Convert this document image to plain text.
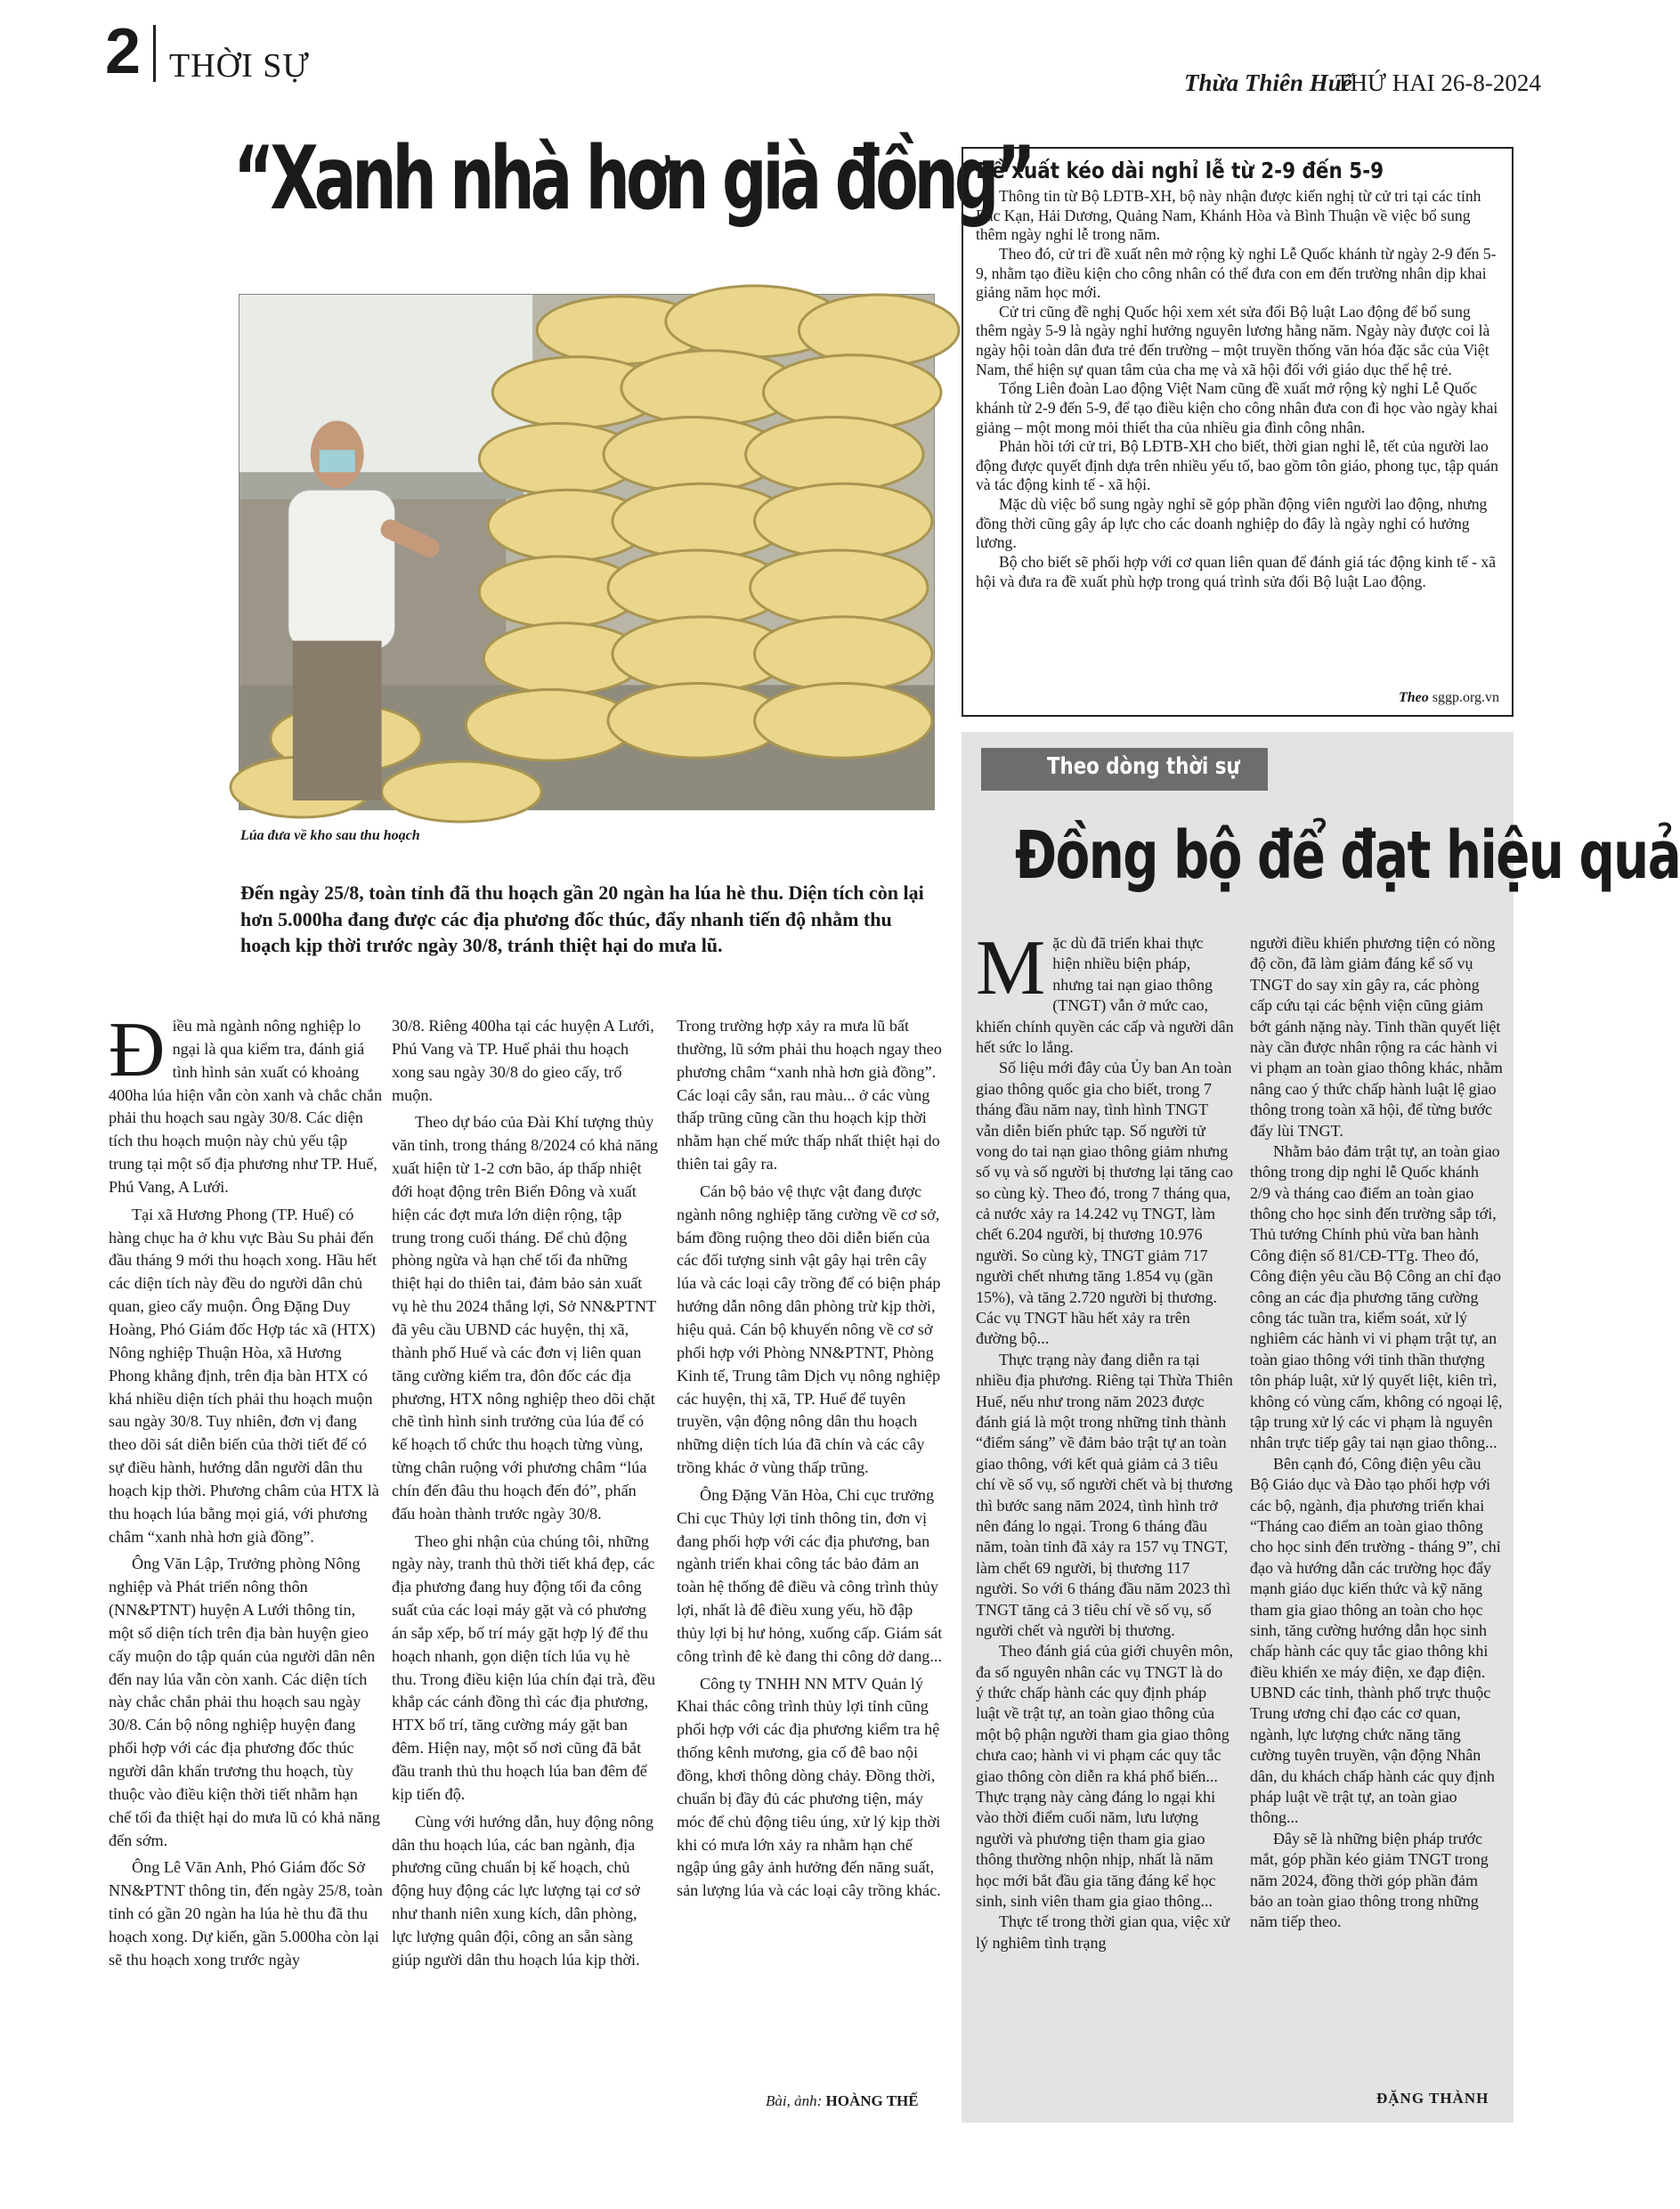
2 THỜI SỰ	Thừa Thiên Huế
THỨ HAI 26-8-2024
“Xanh nhà hơn già đồng”
Lúa đưa về kho sau thu hoạch
Đến ngày 25/8, toàn tỉnh đã thu hoạch gần 20 ngàn ha lúa hè thu. Diện tích còn lại hơn 5.000ha đang được các địa phương đốc thúc, đẩy nhanh tiến độ nhằm thu hoạch kịp thời trước ngày 30/8, tránh thiệt hại do mưa lũ.

Điều mà ngành nông nghiệp lo ngại là qua kiểm tra, đánh giá tình hình sản xuất có khoảng 400ha lúa hiện vẫn còn xanh và chắc chắn phải thu hoạch sau ngày 30/8. Các diện tích thu hoạch muộn này chủ yếu tập trung tại một số địa phương như TP. Huế, Phú Vang, A Lưới.

Tại xã Hương Phong (TP. Huế) có hàng chục ha ở khu vực Bàu Su phải đến đầu tháng 9 mới thu hoạch xong. Hầu hết các diện tích này đều do người dân chủ quan, gieo cấy muộn. Ông Đặng Duy Hoàng, Phó Giám đốc Hợp tác xã (HTX) Nông nghiệp Thuận Hòa, xã Hương Phong khẳng định, trên địa bàn HTX có khá nhiều diện tích phải thu hoạch muộn sau ngày 30/8. Tuy nhiên, đơn vị đang theo dõi sát diễn biến của thời tiết để có sự điều hành, hướng dẫn người dân thu hoạch kịp thời. Phương châm của HTX là thu hoạch lúa bằng mọi giá, với phương châm “xanh nhà hơn già đồng”.

Ông Văn Lập, Trưởng phòng Nông nghiệp và Phát triển nông thôn (NN&PTNT) huyện A Lưới thông tin, một số diện tích trên địa bàn huyện gieo cấy muộn do tập quán của người dân nên đến nay lúa vẫn còn xanh. Các diện tích này chắc chắn phải thu hoạch sau ngày 30/8. Cán bộ nông nghiệp huyện đang phối hợp với các địa phương đốc thúc người dân khẩn trương thu hoạch, tùy thuộc vào điều kiện thời tiết nhằm hạn chế tối đa thiệt hại do mưa lũ có khả năng đến sớm.

Ông Lê Văn Anh, Phó Giám đốc Sở NN&PTNT thông tin, đến ngày 25/8, toàn tỉnh có gần 20 ngàn ha lúa hè thu đã thu hoạch xong. Dự kiến, gần 5.000ha còn lại sẽ thu hoạch xong trước ngày

30/8. Riêng 400ha tại các huyện A Lưới, Phú Vang và TP. Huế phải thu hoạch xong sau ngày 30/8 do gieo cấy, trổ muộn.

Theo dự báo của Đài Khí tượng thủy văn tỉnh, trong tháng 8/2024 có khả năng xuất hiện từ 1-2 cơn bão, áp thấp nhiệt đới hoạt động trên Biển Đông và xuất hiện các đợt mưa lớn diện rộng, tập trung trong cuối tháng. Để chủ động phòng ngừa và hạn chế tối đa những thiệt hại do thiên tai, đảm bảo sản xuất vụ hè thu 2024 thắng lợi, Sở NN&PTNT đã yêu cầu UBND các huyện, thị xã, thành phố Huế và các đơn vị liên quan tăng cường kiểm tra, đôn đốc các địa phương, HTX nông nghiệp theo dõi chặt chẽ tình hình sinh trưởng của lúa để có kế hoạch tổ chức thu hoạch từng vùng, từng chân ruộng với phương châm “lúa chín đến đâu thu hoạch đến đó”, phấn đấu hoàn thành trước ngày 30/8.

Theo ghi nhận của chúng tôi, những ngày này, tranh thủ thời tiết khá đẹp, các địa phương đang huy động tối đa công suất của các loại máy gặt và có phương án sắp xếp, bố trí máy gặt hợp lý để thu hoạch nhanh, gọn diện tích lúa vụ hè thu. Trong điều kiện lúa chín đại trà, đều khắp các cánh đồng thì các địa phương, HTX bố trí, tăng cường máy gặt ban đêm. Hiện nay, một số nơi cũng đã bắt đầu tranh thủ thu hoạch lúa ban đêm để kịp tiến độ.

Cùng với hướng dẫn, huy động nông dân thu hoạch lúa, các ban ngành, địa phương cũng chuẩn bị kế hoạch, chủ động huy động các lực lượng tại cơ sở như thanh niên xung kích, dân phòng, lực lượng quân đội, công an sẵn sàng giúp người dân thu hoạch lúa kịp thời.

Trong trường hợp xảy ra mưa lũ bất thường, lũ sớm phải thu hoạch ngay theo phương châm “xanh nhà hơn già đồng”. Các loại cây sắn, rau màu... ở các vùng thấp trũng cũng cần thu hoạch kịp thời nhằm hạn chế mức thấp nhất thiệt hại do thiên tai gây ra.

Cán bộ bảo vệ thực vật đang được ngành nông nghiệp tăng cường về cơ sở, bám đồng ruộng theo dõi diễn biến của các đối tượng sinh vật gây hại trên cây lúa và các loại cây trồng để có biện pháp hướng dẫn nông dân phòng trừ kịp thời, hiệu quả. Cán bộ khuyến nông về cơ sở phối hợp với Phòng NN&PTNT, Phòng Kinh tế, Trung tâm Dịch vụ nông nghiệp các huyện, thị xã, TP. Huế để tuyên truyền, vận động nông dân thu hoạch những diện tích lúa đã chín và các cây trồng khác ở vùng thấp trũng.

Ông Đặng Văn Hòa, Chi cục trưởng Chi cục Thủy lợi tỉnh thông tin, đơn vị đang phối hợp với các địa phương, ban ngành triển khai công tác bảo đảm an toàn hệ thống đê điều và công trình thủy lợi, nhất là đê điều xung yếu, hồ đập thủy lợi bị hư hỏng, xuống cấp. Giám sát công trình đê kè đang thi công dở dang...

Công ty TNHH NN MTV Quản lý Khai thác công trình thủy lợi tỉnh cũng phối hợp với các địa phương kiểm tra hệ thống kênh mương, gia cố đê bao nội đồng, khơi thông dòng chảy. Đồng thời, chuẩn bị đầy đủ các phương tiện, máy móc để chủ động tiêu úng, xử lý kịp thời khi có mưa lớn xảy ra nhằm hạn chế ngập úng gây ảnh hưởng đến năng suất, sản lượng lúa và các loại cây trồng khác.

Bài, ảnh: HOÀNG THẾ
Đề xuất kéo dài nghỉ lễ từ 2-9 đến 5-9

Thông tin từ Bộ LĐTB-XH, bộ này nhận được kiến nghị từ cử tri tại các tỉnh Bắc Kạn, Hải Dương, Quảng Nam, Khánh Hòa và Bình Thuận về việc bổ sung thêm ngày nghỉ lễ trong năm.

Theo đó, cử tri đề xuất nên mở rộng kỳ nghỉ Lễ Quốc khánh từ ngày 2-9 đến 5-9, nhằm tạo điều kiện cho công nhân có thể đưa con em đến trường nhân dịp khai giảng năm học mới.

Cử tri cũng đề nghị Quốc hội xem xét sửa đổi Bộ luật Lao động để bổ sung thêm ngày 5-9 là ngày nghỉ hưởng nguyên lương hằng năm. Ngày này được coi là ngày hội toàn dân đưa trẻ đến trường – một truyền thống văn hóa đặc sắc của Việt Nam, thể hiện sự quan tâm của cha mẹ và xã hội đối với giáo dục thế hệ trẻ.

Tổng Liên đoàn Lao động Việt Nam cũng đề xuất mở rộng kỳ nghỉ Lễ Quốc khánh từ 2-9 đến 5-9, để tạo điều kiện cho công nhân đưa con đi học vào ngày khai giảng – một mong mỏi thiết tha của nhiều gia đình công nhân.

Phản hồi tới cử tri, Bộ LĐTB-XH cho biết, thời gian nghỉ lễ, tết của người lao động được quyết định dựa trên nhiều yếu tố, bao gồm tôn giáo, phong tục, tập quán và tác động kinh tế - xã hội.

Mặc dù việc bổ sung ngày nghỉ sẽ góp phần động viên người lao động, nhưng đồng thời cũng gây áp lực cho các doanh nghiệp do đây là ngày nghỉ có hưởng lương.

Bộ cho biết sẽ phối hợp với cơ quan liên quan để đánh giá tác động kinh tế - xã hội và đưa ra đề xuất phù hợp trong quá trình sửa đổi Bộ luật Lao động.

Theo sggp.org.vn
Theo dòng thời sự
Đồng bộ để đạt hiệu quả

Mặc dù đã triển khai thực hiện nhiều biện pháp, nhưng tai nạn giao thông (TNGT) vẫn ở mức cao, khiến chính quyền các cấp và người dân hết sức lo lắng.

Số liệu mới đây của Ủy ban An toàn giao thông quốc gia cho biết, trong 7 tháng đầu năm nay, tình hình TNGT vẫn diễn biến phức tạp. Số người tử vong do tai nạn giao thông giảm nhưng số vụ và số người bị thương lại tăng cao so cùng kỳ. Theo đó, trong 7 tháng qua, cả nước xảy ra 14.242 vụ TNGT, làm chết 6.204 người, bị thương 10.976 người. So cùng kỳ, TNGT giảm 717 người chết nhưng tăng 1.854 vụ (gần 15%), và tăng 2.720 người bị thương. Các vụ TNGT hầu hết xảy ra trên đường bộ...

Thực trạng này đang diễn ra tại nhiều địa phương. Riêng tại Thừa Thiên Huế, nếu như trong năm 2023 được đánh giá là một trong những tỉnh thành “điểm sáng” về đảm bảo trật tự an toàn giao thông, với kết quả giảm cả 3 tiêu chí về số vụ, số người chết và bị thương thì bước sang năm 2024, tình hình trở nên đáng lo ngại. Trong 6 tháng đầu năm, toàn tỉnh đã xảy ra 157 vụ TNGT, làm chết 69 người, bị thương 117 người. So với 6 tháng đầu năm 2023 thì TNGT tăng cả 3 tiêu chí về số vụ, số người chết và người bị thương.

Theo đánh giá của giới chuyên môn, đa số nguyên nhân các vụ TNGT là do ý thức chấp hành các quy định pháp luật về trật tự, an toàn giao thông của một bộ phận người tham gia giao thông chưa cao; hành vi vi phạm các quy tắc giao thông còn diễn ra khá phổ biến... Thực trạng này càng đáng lo ngại khi vào thời điểm cuối năm, lưu lượng người và phương tiện tham gia giao thông thường nhộn nhịp, nhất là năm học mới bắt đầu gia tăng đáng kể học sinh, sinh viên tham gia giao thông...

Thực tế trong thời gian qua, việc xử lý nghiêm tình trạng

người điều khiển phương tiện có nồng độ cồn, đã làm giảm đáng kể số vụ TNGT do say xỉn gây ra, các phòng cấp cứu tại các bệnh viện cũng giảm bớt gánh nặng này. Tinh thần quyết liệt này cần được nhân rộng ra các hành vi vi phạm an toàn giao thông khác, nhằm nâng cao ý thức chấp hành luật lệ giao thông trong toàn xã hội, để từng bước đẩy lùi TNGT.

Nhằm bảo đảm trật tự, an toàn giao thông trong dịp nghỉ lễ Quốc khánh 2/9 và tháng cao điểm an toàn giao thông cho học sinh đến trường sắp tới, Thủ tướng Chính phủ vừa ban hành Công điện số 81/CĐ-TTg. Theo đó, Công điện yêu cầu Bộ Công an chỉ đạo công an các địa phương tăng cường công tác tuần tra, kiểm soát, xử lý nghiêm các hành vi vi phạm trật tự, an toàn giao thông với tinh thần thượng tôn pháp luật, xử lý quyết liệt, kiên trì, không có vùng cấm, không có ngoại lệ, tập trung xử lý các vi phạm là nguyên nhân trực tiếp gây tai nạn giao thông...

Bên cạnh đó, Công điện yêu cầu Bộ Giáo dục và Đào tạo phối hợp với các bộ, ngành, địa phương triển khai “Tháng cao điểm an toàn giao thông cho học sinh đến trường - tháng 9”, chỉ đạo và hướng dẫn các trường học đẩy mạnh giáo dục kiến thức và kỹ năng tham gia giao thông an toàn cho học sinh, tăng cường hướng dẫn học sinh chấp hành các quy tắc giao thông khi điều khiển xe máy điện, xe đạp điện. UBND các tỉnh, thành phố trực thuộc Trung ương chỉ đạo các cơ quan, ngành, lực lượng chức năng tăng cường tuyên truyền, vận động Nhân dân, du khách chấp hành các quy định pháp luật về trật tự, an toàn giao thông...

Đây sẽ là những biện pháp trước mắt, góp phần kéo giảm TNGT trong năm 2024, đồng thời góp phần đảm bảo an toàn giao thông trong những năm tiếp theo.

ĐẶNG THÀNH
